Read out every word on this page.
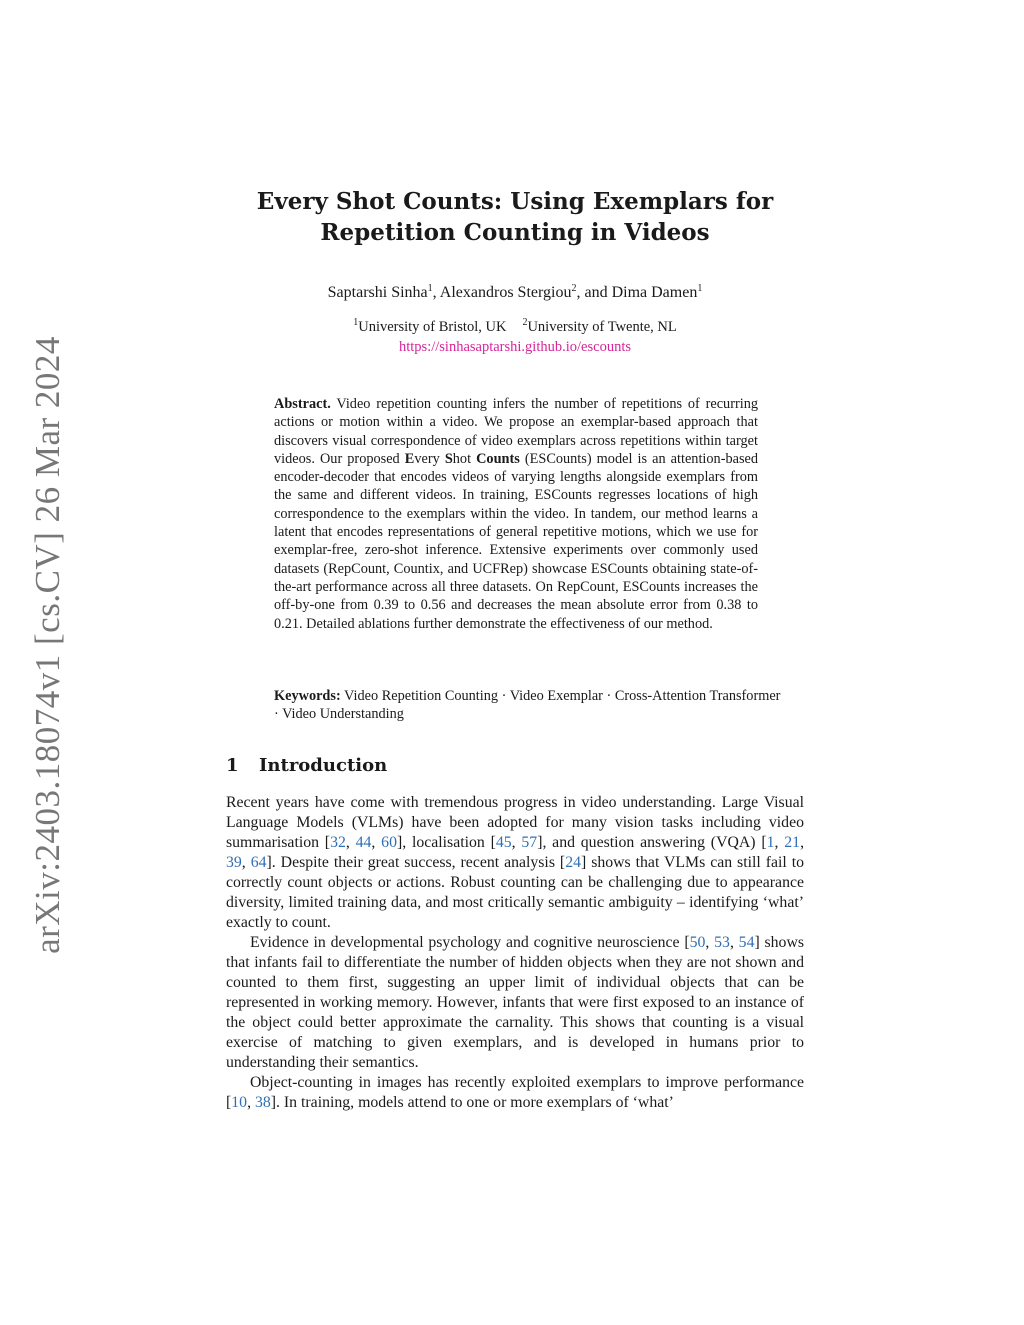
arXiv:2403.18074v1 [cs.CV] 26 Mar 2024
Every Shot Counts: Using Exemplars for
Repetition Counting in Videos
Saptarshi Sinha$^1$, Alexandros Stergiou$^2$, and Dima Damen$^1$
$^1$University of Bristol, UK $^2$University of Twente, NL
https://sinhasaptarshi.github.io/escounts

Abstract. Video repetition counting infers the number of repetitions of recurring actions or motion within a video. We propose an exemplar-based approach that discovers visual correspondence of video exemplars across repetitions within target videos. Our proposed Every Shot Counts (ESCounts) model is an attention-based encoder-decoder that encodes videos of varying lengths alongside exemplars from the same and different videos. In training, ESCounts regresses locations of high correspondence to the exemplars within the video. In tandem, our method learns a latent that encodes representations of general repetitive motions, which we use for exemplar-free, zero-shot inference. Extensive experiments over commonly used datasets (RepCount, Countix, and UCFRep) showcase ESCounts obtaining state-of-the-art performance across all three datasets. On RepCount, ESCounts increases the off-by-one from 0.39 to 0.56 and decreases the mean absolute error from 0.38 to 0.21. Detailed ablations further demonstrate the effectiveness of our method.

Keywords: Video Repetition Counting · Video Exemplar · Cross-Attention Transformer · Video Understanding

1 Introduction

Recent years have come with tremendous progress in video understanding. Large Visual Language Models (VLMs) have been adopted for many vision tasks including video summarisation [32, 44, 60], localisation [45, 57], and question answering (VQA) [1, 21, 39, 64]. Despite their great success, recent analysis [24] shows that VLMs can still fail to correctly count objects or actions. Robust counting can be challenging due to appearance diversity, limited training data, and most critically semantic ambiguity – identifying ‘what’ exactly to count.

Evidence in developmental psychology and cognitive neuroscience [50, 53, 54] shows that infants fail to differentiate the number of hidden objects when they are not shown and counted to them first, suggesting an upper limit of individual objects that can be represented in working memory. However, infants that were first exposed to an instance of the object could better approximate the carnality. This shows that counting is a visual exercise of matching to given exemplars, and is developed in humans prior to understanding their semantics.

Object-counting in images has recently exploited exemplars to improve performance [10, 38]. In training, models attend to one or more exemplars of ‘what’
